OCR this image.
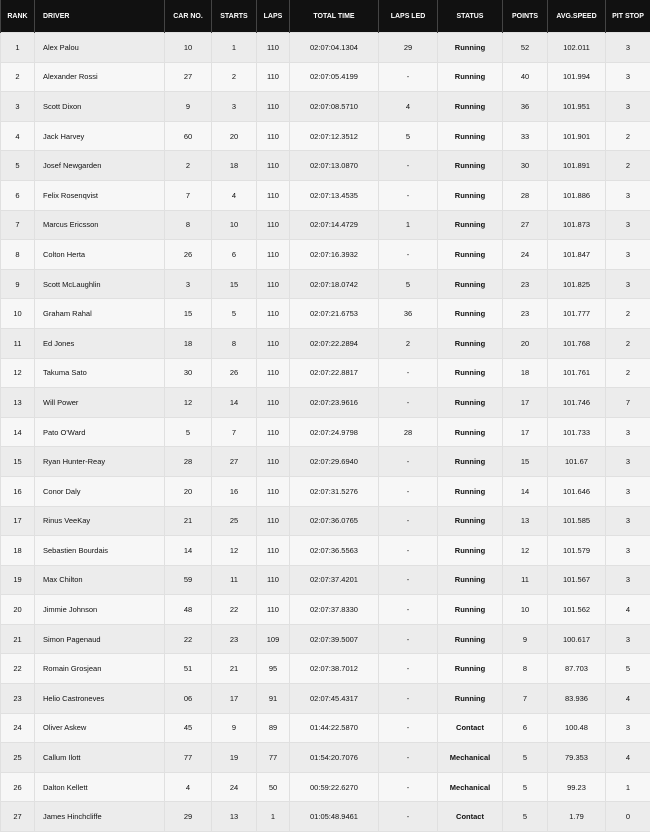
RANK	DRIVER	CAR NO.	STARTS	LAPS	TOTAL TIME	LAPS LED	STATUS	POINTS	AVG.SPEED	PIT STOP
1	Alex Palou	10	1	110	02:07:04.1304	29	Running	52	102.011	3
2	Alexander Rossi	27	2	110	02:07:05.4199	-	Running	40	101.994	3
3	Scott Dixon	9	3	110	02:07:08.5710	4	Running	36	101.951	3
4	Jack Harvey	60	20	110	02:07:12.3512	5	Running	33	101.901	2
5	Josef Newgarden	2	18	110	02:07:13.0870	-	Running	30	101.891	2
6	Felix Rosenqvist	7	4	110	02:07:13.4535	-	Running	28	101.886	3
7	Marcus Ericsson	8	10	110	02:07:14.4729	1	Running	27	101.873	3
8	Colton Herta	26	6	110	02:07:16.3932	-	Running	24	101.847	3
9	Scott McLaughlin	3	15	110	02:07:18.0742	5	Running	23	101.825	3
10	Graham Rahal	15	5	110	02:07:21.6753	36	Running	23	101.777	2
11	Ed Jones	18	8	110	02:07:22.2894	2	Running	20	101.768	2
12	Takuma Sato	30	26	110	02:07:22.8817	-	Running	18	101.761	2
13	Will Power	12	14	110	02:07:23.9616	-	Running	17	101.746	7
14	Pato O'Ward	5	7	110	02:07:24.9798	28	Running	17	101.733	3
15	Ryan Hunter-Reay	28	27	110	02:07:29.6940	-	Running	15	101.67	3
16	Conor Daly	20	16	110	02:07:31.5276	-	Running	14	101.646	3
17	Rinus VeeKay	21	25	110	02:07:36.0765	-	Running	13	101.585	3
18	Sebastien Bourdais	14	12	110	02:07:36.5563	-	Running	12	101.579	3
19	Max Chilton	59	11	110	02:07:37.4201	-	Running	11	101.567	3
20	Jimmie Johnson	48	22	110	02:07:37.8330	-	Running	10	101.562	4
21	Simon Pagenaud	22	23	109	02:07:39.5007	-	Running	9	100.617	3
22	Romain Grosjean	51	21	95	02:07:38.7012	-	Running	8	87.703	5
23	Helio Castroneves	06	17	91	02:07:45.4317	-	Running	7	83.936	4
24	Oliver Askew	45	9	89	01:44:22.5870	-	Contact	6	100.48	3
25	Callum Ilott	77	19	77	01:54:20.7076	-	Mechanical	5	79.353	4
26	Dalton Kellett	4	24	50	00:59:22.6270	-	Mechanical	5	99.23	1
27	James Hinchcliffe	29	13	1	01:05:48.9461	-	Contact	5	1.79	0
